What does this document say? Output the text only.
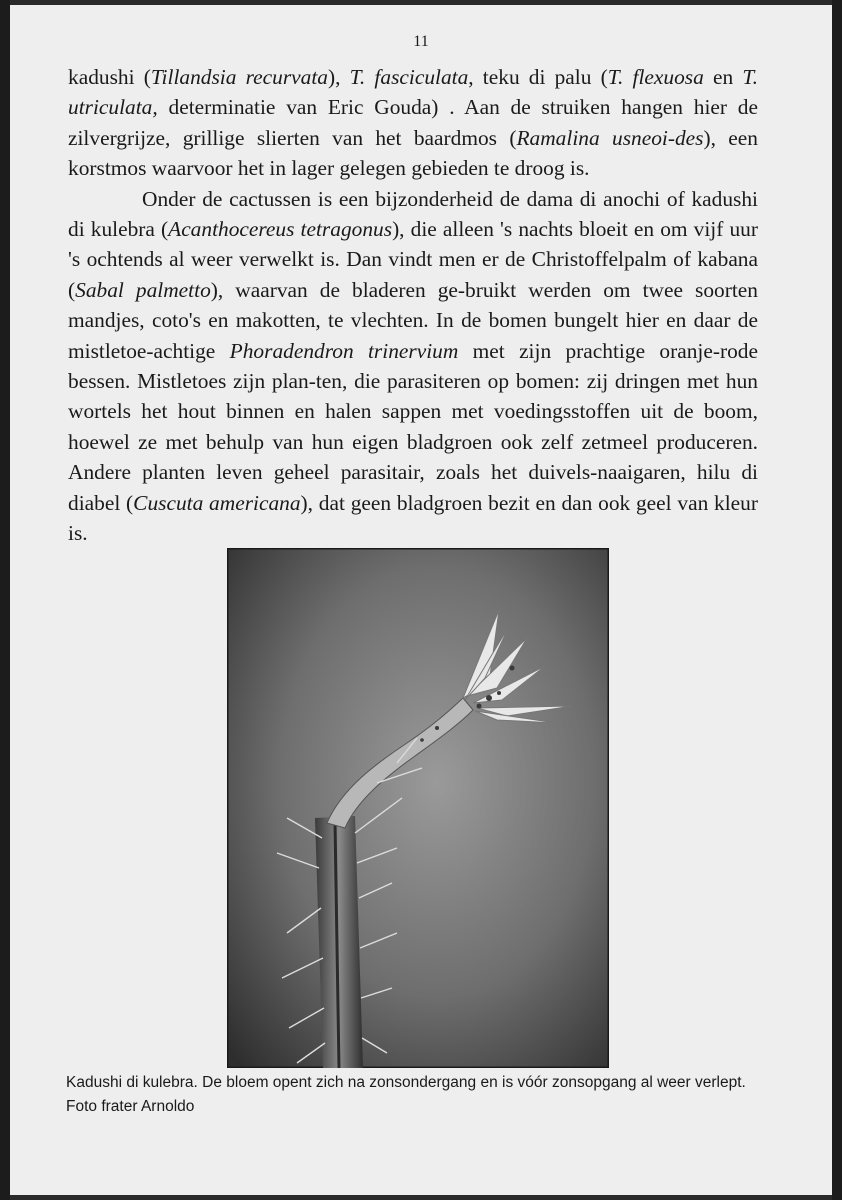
11

kadushi (Tillandsia recurvata), T. fasciculata, teku di palu (T. flexuosa en T. utriculata, determinatie van Eric Gouda) . Aan de struiken hangen hier de zilvergrijze, grillige slierten van het baardmos (Ramalina usneoi-des), een korstmos waarvoor het in lager gelegen gebieden te droog is.

Onder de cactussen is een bijzonderheid de dama di anochi of kadushi di kulebra (Acanthocereus tetragonus), die alleen 's nachts bloeit en om vijf uur 's ochtends al weer verwelkt is. Dan vindt men er de Christoffelpalm of kabana (Sabal palmetto), waarvan de bladeren ge-bruikt werden om twee soorten mandjes, coto's en makotten, te vlechten. In de bomen bungelt hier en daar de mistletoe-achtige Phoradendron trinervium met zijn prachtige oranje-rode bessen. Mistletoes zijn plan-ten, die parasiteren op bomen: zij dringen met hun wortels het hout binnen en halen sappen met voedingsstoffen uit de boom, hoewel ze met behulp van hun eigen bladgroen ook zelf zetmeel produceren. Andere planten leven geheel parasitair, zoals het duivels-naaigaren, hilu di diabel (Cuscuta americana), dat geen bladgroen bezit en dan ook geel van kleur is.

Kadushi di kulebra. De bloem opent zich na zonsondergang en is vóór zonsopgang al weer verlept. Foto frater Arnoldo
